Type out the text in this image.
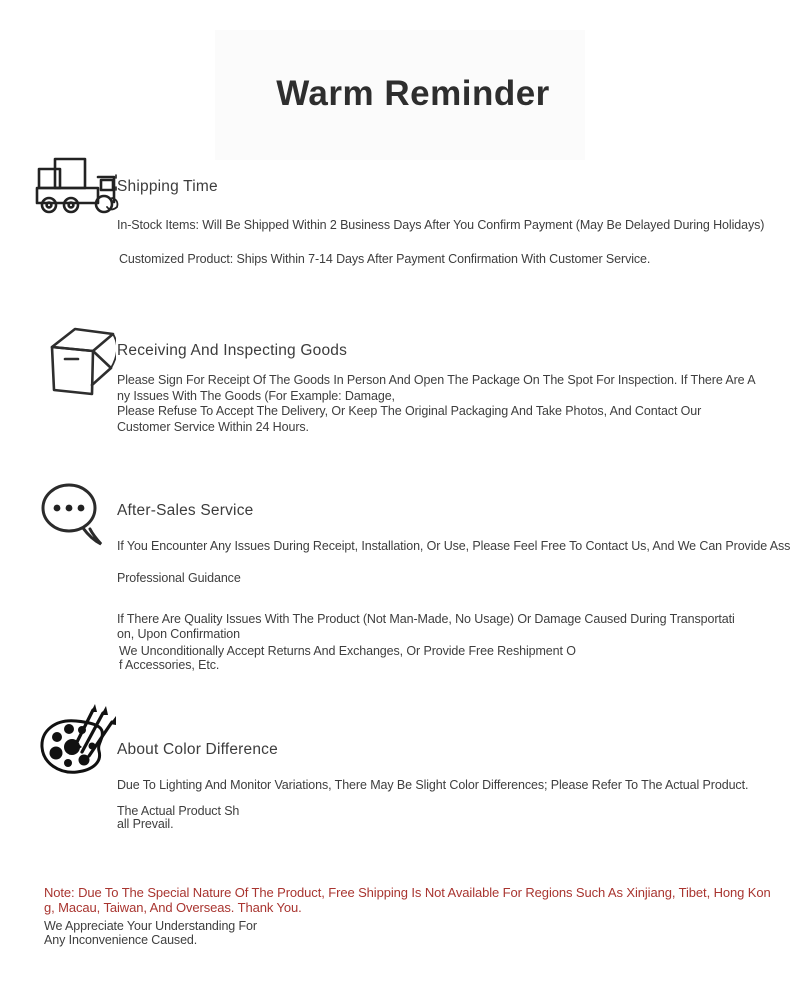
Warm Reminder
Shipping Time
In-Stock Items: Will Be Shipped Within 2 Business Days After You Confirm Payment (May Be Delayed During Holidays)
Customized Product: Ships Within 7-14 Days After Payment Confirmation With Customer Service.
Receiving And Inspecting Goods
Please Sign For Receipt Of The Goods In Person And Open The Package On The Spot For Inspection. If There Are A
ny Issues With The Goods (For Example: Damage,
Please Refuse To Accept The Delivery, Or Keep The Original Packaging And Take Photos, And Contact Our
Customer Service Within 24 Hours.
After-Sales Service
If You Encounter Any Issues During Receipt, Installation, Or Use, Please Feel Free To Contact Us, And We Can Provide Ass
Professional Guidance
If There Are Quality Issues With The Product (Not Man-Made, No Usage) Or Damage Caused During Transportati
on, Upon Confirmation
We Unconditionally Accept Returns And Exchanges, Or Provide Free Reshipment O
f Accessories, Etc.
About Color Difference
Due To Lighting And Monitor Variations, There May Be Slight Color Differences; Please Refer To The Actual Product.
The Actual Product Sh
all Prevail.
Note: Due To The Special Nature Of The Product, Free Shipping Is Not Available For Regions Such As Xinjiang, Tibet, Hong Kon
g, Macau, Taiwan, And Overseas. Thank You.
We Appreciate Your Understanding For
Any Inconvenience Caused.
